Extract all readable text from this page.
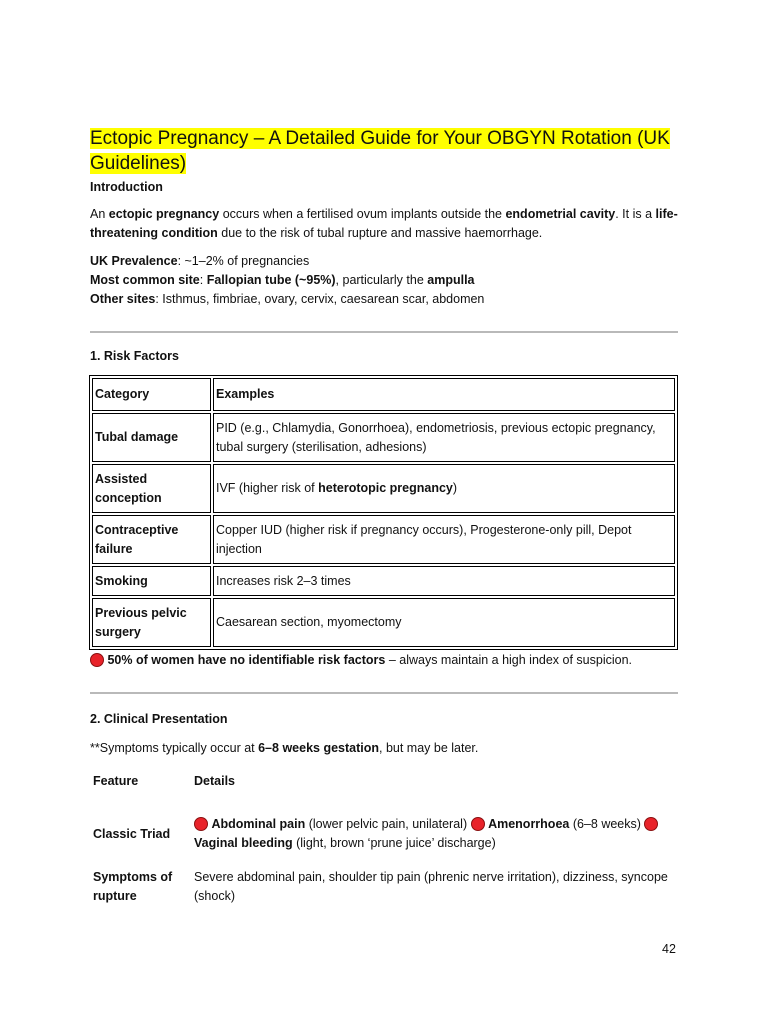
Ectopic Pregnancy – A Detailed Guide for Your OBGYN Rotation (UK Guidelines)

Introduction

An ectopic pregnancy occurs when a fertilised ovum implants outside the endometrial cavity. It is a life-threatening condition due to the risk of tubal rupture and massive haemorrhage.

UK Prevalence: ~1–2% of pregnancies

Most common site: Fallopian tube (~95%), particularly the ampulla

Other sites: Isthmus, fimbriae, ovary, cervix, caesarean scar, abdomen

1. Risk Factors

Category	Examples
Tubal damage	PID (e.g., Chlamydia, Gonorrhoea), endometriosis, previous ectopic pregnancy, tubal surgery (sterilisation, adhesions)
Assisted conception	IVF (higher risk of heterotopic pregnancy)
Contraceptive failure	Copper IUD (higher risk if pregnancy occurs), Progesterone-only pill, Depot injection
Smoking	Increases risk 2–3 times
Previous pelvic surgery	Caesarean section, myomectomy

50% of women have no identifiable risk factors – always maintain a high index of suspicion.

2. Clinical Presentation

**Symptoms typically occur at 6–8 weeks gestation, but may be later.

Feature	Details
Classic Triad	Abdominal pain (lower pelvic pain, unilateral)  Amenorrhoea (6–8 weeks)  Vaginal bleeding (light, brown ‘prune juice’ discharge)
Symptoms of rupture	Severe abdominal pain, shoulder tip pain (phrenic nerve irritation), dizziness, syncope (shock)
42
